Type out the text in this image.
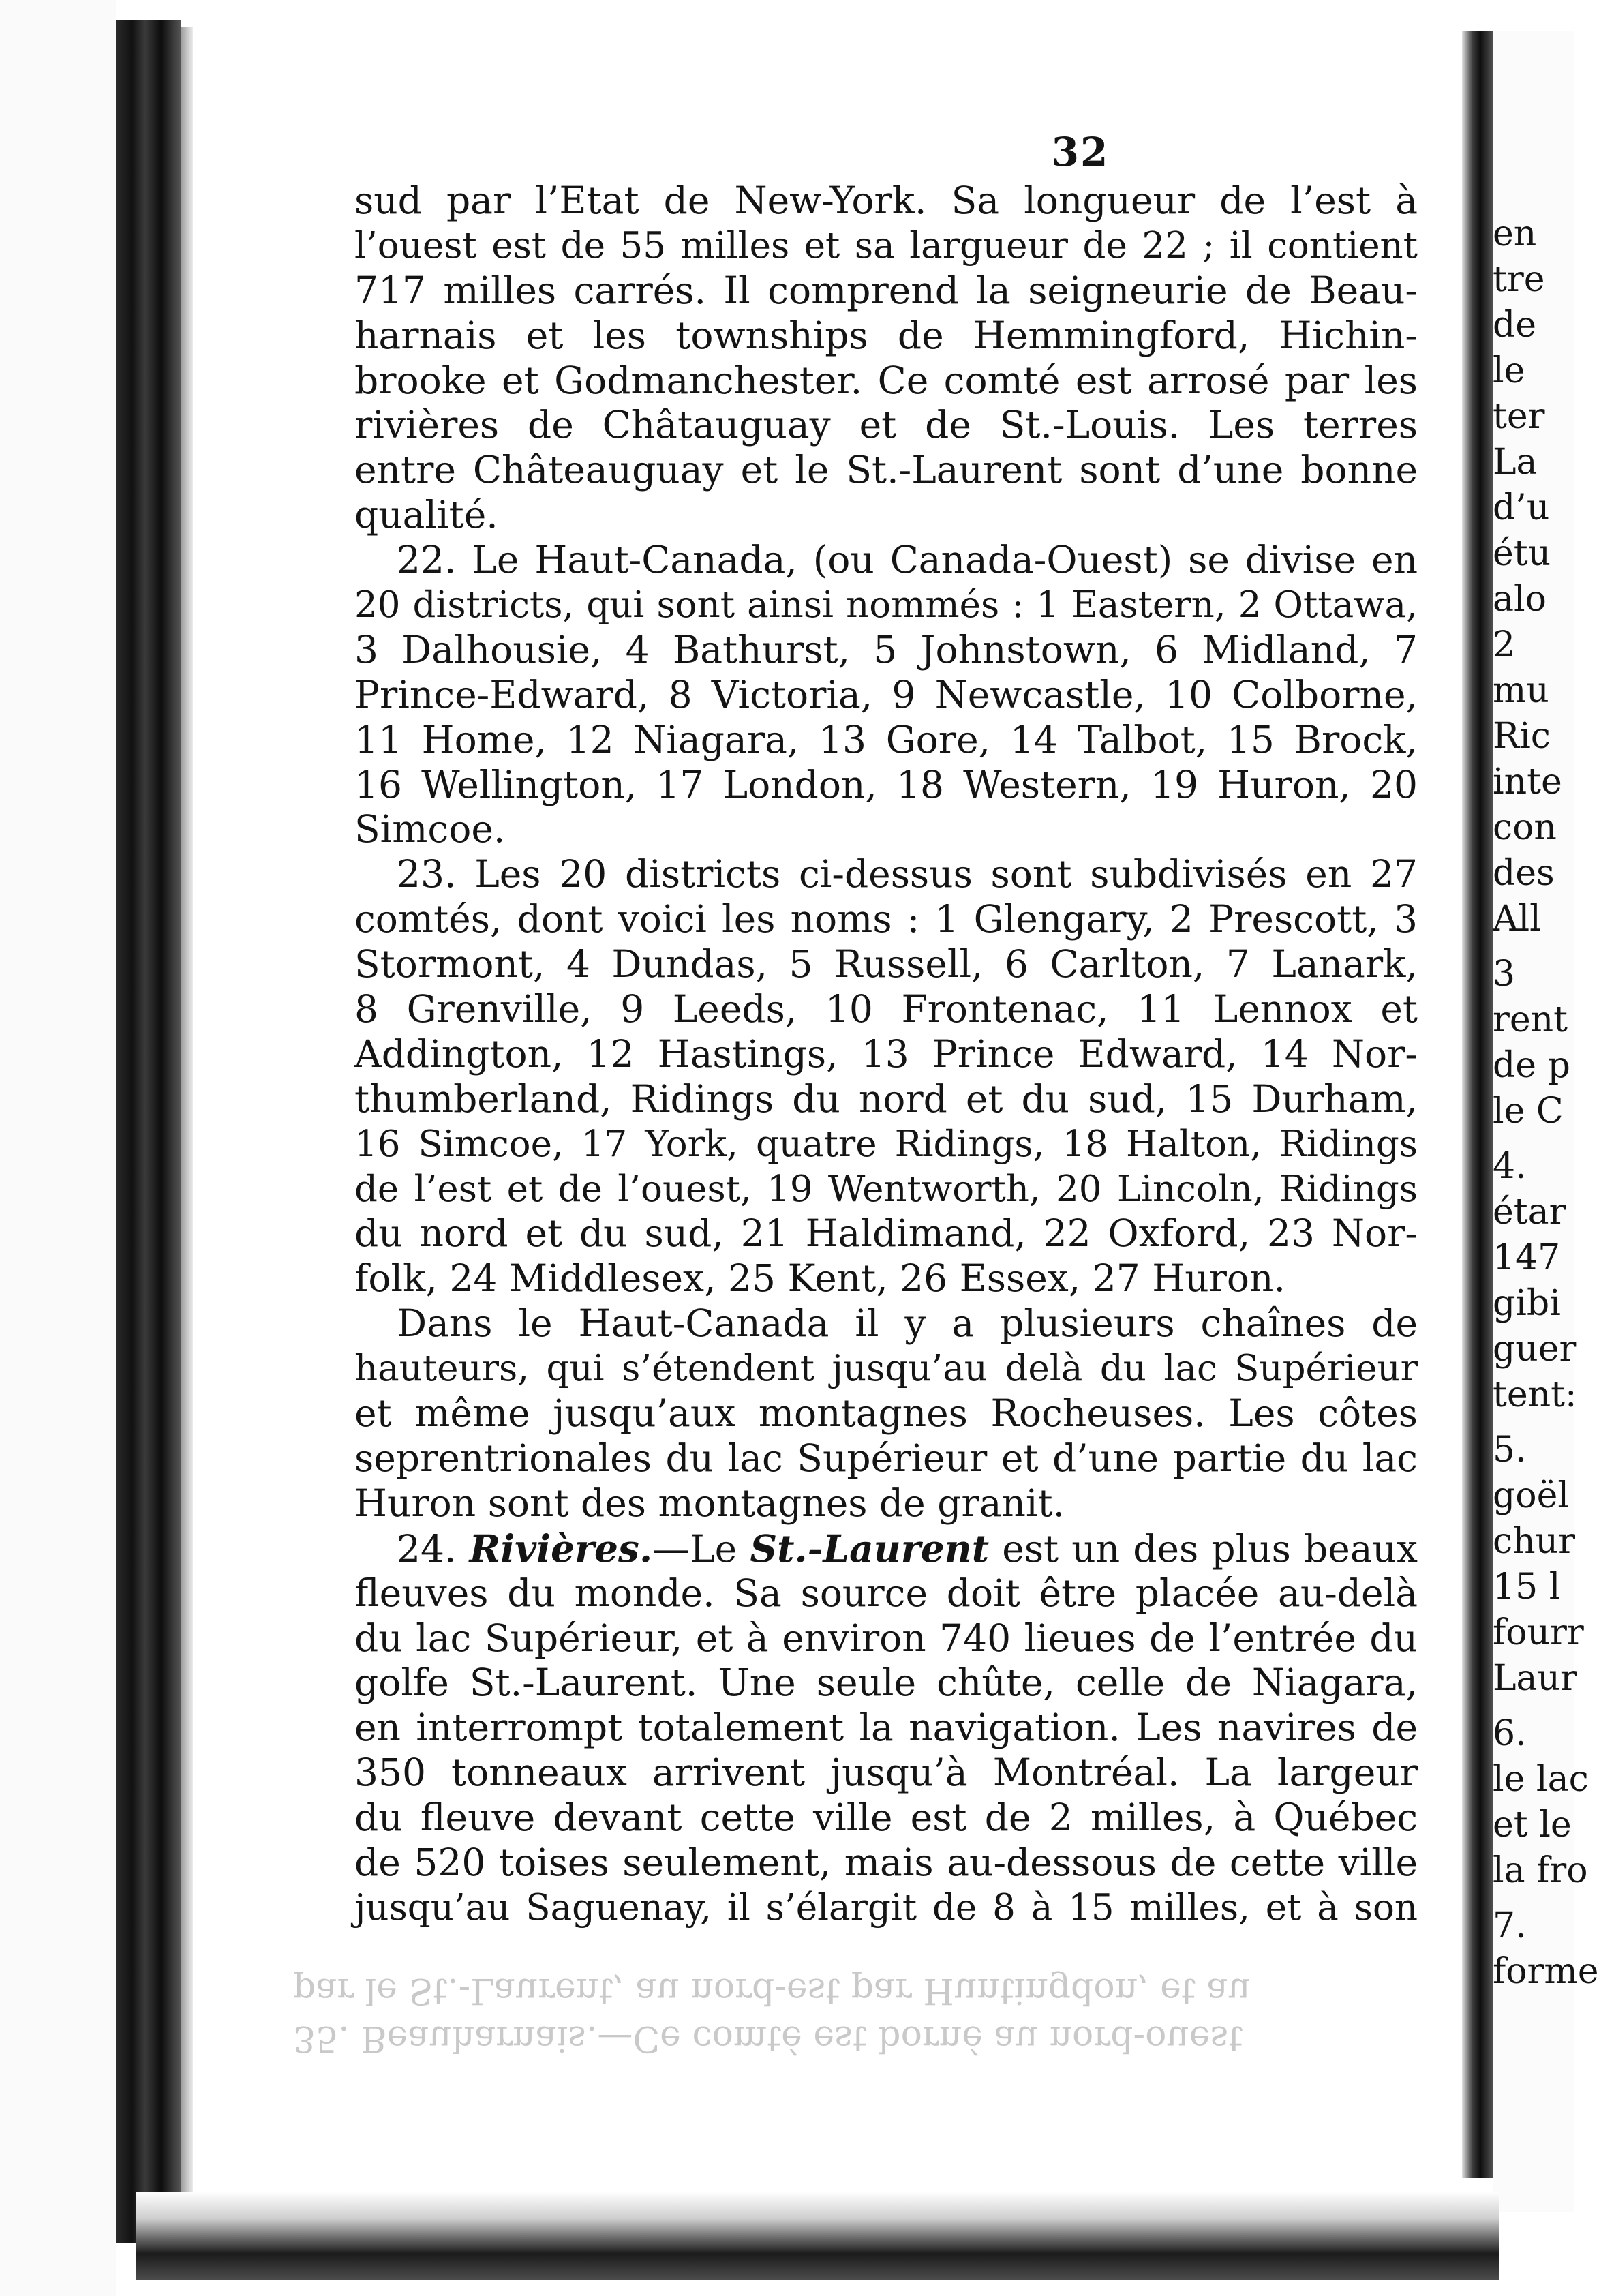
32
35. Beauharnais.—Ce comté est borné au nord-ouest
par le St.-Laurent, au nord-est par Huntingdon, et au
sud par l’Etat de New-York. Sa longueur de l’est à
l’ouest est de 55 milles et sa largueur de 22 ; il contient
717 milles carrés. Il comprend la seigneurie de Beau-
harnais et les townships de Hemmingford, Hichin-
brooke et Godmanchester. Ce comté est arrosé par les
rivières de Châtauguay et de St.-Louis. Les terres
entre Châteauguay et le St.-Laurent sont d’une bonne
qualité.
22. Le Haut-Canada, (ou Canada-Ouest) se divise en
20 districts, qui sont ainsi nommés : 1 Eastern, 2 Ottawa,
3 Dalhousie, 4 Bathurst, 5 Johnstown, 6 Midland, 7
Prince-Edward, 8 Victoria, 9 Newcastle, 10 Colborne,
11 Home, 12 Niagara, 13 Gore, 14 Talbot, 15 Brock,
16 Wellington, 17 London, 18 Western, 19 Huron, 20
Simcoe.
23. Les 20 districts ci-dessus sont subdivisés en 27
comtés, dont voici les noms : 1 Glengary, 2 Prescott, 3
Stormont, 4 Dundas, 5 Russell, 6 Carlton, 7 Lanark,
8 Grenville, 9 Leeds, 10 Frontenac, 11 Lennox et
Addington, 12 Hastings, 13 Prince Edward, 14 Nor-
thumberland, Ridings du nord et du sud, 15 Durham,
16 Simcoe, 17 York, quatre Ridings, 18 Halton, Ridings
de l’est et de l’ouest, 19 Wentworth, 20 Lincoln, Ridings
du nord et du sud, 21 Haldimand, 22 Oxford, 23 Nor-
folk, 24 Middlesex, 25 Kent, 26 Essex, 27 Huron.
Dans le Haut-Canada il y a plusieurs chaînes de
hauteurs, qui s’étendent jusqu’au delà du lac Supérieur
et même jusqu’aux montagnes Rocheuses. Les côtes
seprentrionales du lac Supérieur et d’une partie du lac
Huron sont des montagnes de granit.
24. Rivières.—Le St.-Laurent est un des plus beaux
fleuves du monde. Sa source doit être placée au-delà
du lac Supérieur, et à environ 740 lieues de l’entrée du
golfe St.-Laurent. Une seule chûte, celle de Niagara,
en interrompt totalement la navigation. Les navires de
350 tonneaux arrivent jusqu’à Montréal. La largeur
du fleuve devant cette ville est de 2 milles, à Québec
de 520 toises seulement, mais au-dessous de cette ville
jusqu’au Saguenay, il s’élargit de 8 à 15 milles, et à son
en
tre
de
le
ter
La
d’u
étu
alo
2
mu
Ric
inte
con
des
All
3
rent
de p
le C
4.
étar
147
gibi
guer
tent:
5.
goël
chur
15 l
fourr
Laur
6.
le lac
et le
la fro
7.
forme
